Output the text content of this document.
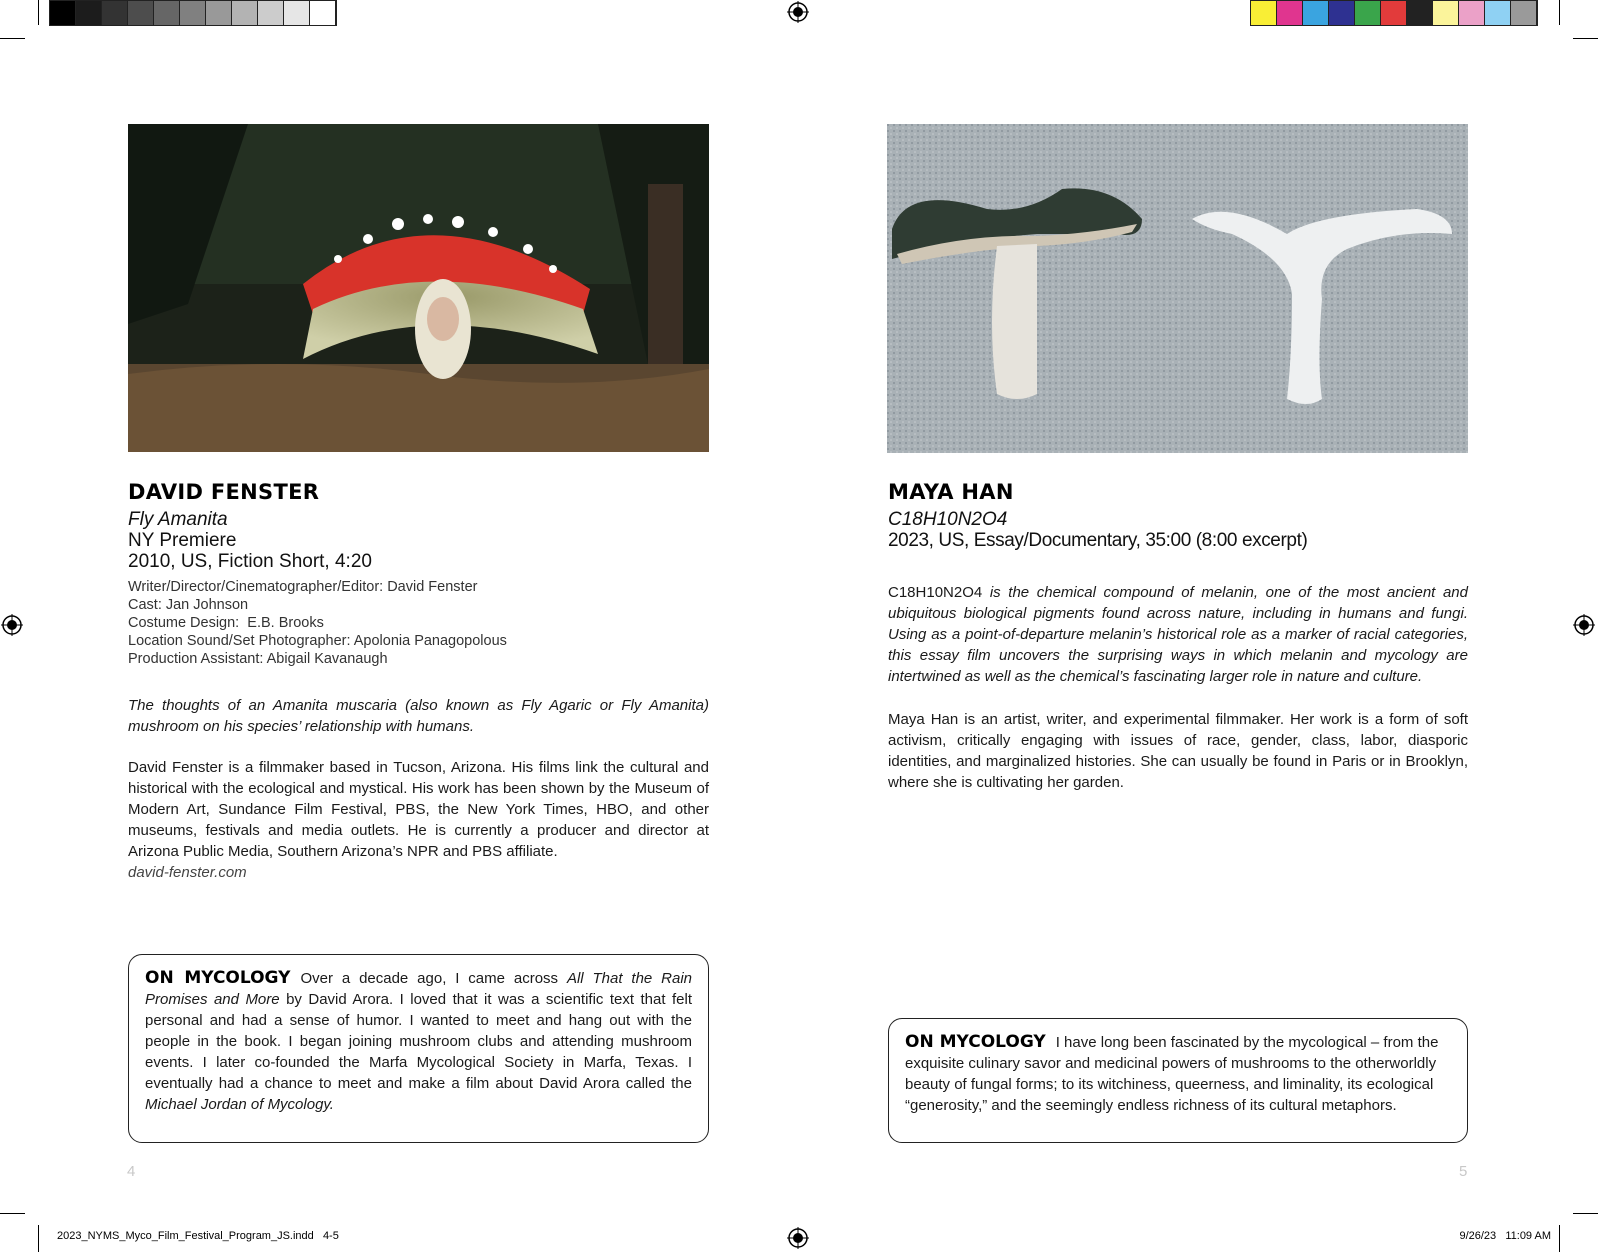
2023_NYMS_Myco_Film_Festival_Program_JS.indd   4-5	9/26/23   11:09 AM
DAVID FENSTER
Fly Amanita
NY Premiere
2010, US, Fiction Short, 4:20
Writer/Director/Cinematographer/Editor: David Fenster
Cast: Jan Johnson
Costume Design:  E.B. Brooks
Location Sound/Set Photographer: Apolonia Panagopolous
Production Assistant: Abigail Kavanaugh
The thoughts of an Amanita muscaria (also known as Fly Agaric or Fly Amanita) mushroom on his species’ relationship with humans.
David Fenster is a filmmaker based in Tucson, Arizona. His films link the cultural and historical with the ecological and mystical. His work has been shown by the Museum of Modern Art, Sundance Film Festival, PBS, the New York Times, HBO, and other museums, festivals and media outlets. He is currently a producer and director at Arizona Public Media, Southern Arizona’s NPR and PBS affiliate.
david-fenster.com
ON MYCOLOGY Over a decade ago, I came across All That the Rain Promises and More by David Arora. I loved that it was a scientific text that felt personal and had a sense of humor. I wanted to meet and hang out with the people in the book. I began joining mushroom clubs and attending mushroom events. I later co-founded the Marfa Mycological Society in Marfa, Texas. I eventually had a chance to meet and make a film about David Arora called the Michael Jordan of Mycology.
4
MAYA HAN
C18H10N2O4
2023, US, Essay/Documentary, 35:00 (8:00 excerpt)
C18H10N2O4 is the chemical compound of melanin, one of the most ancient and ubiquitous biological pigments found across nature, including in humans and fungi. Using as a point-of-departure melanin’s historical role as a marker of racial categories, this essay film uncovers the surprising ways in which melanin and mycology are intertwined as well as the chemical’s fascinating larger role in nature and culture.
Maya Han is an artist, writer, and experimental filmmaker. Her work is a form of soft activism, critically engaging with issues of race, gender, class, labor, diasporic identities, and marginalized histories. She can usually be found in Paris or in Brooklyn, where she is cultivating her garden.
ON MYCOLOGY I have long been fascinated by the mycological – from the exquisite culinary savor and medicinal powers of mushrooms to the otherworldly beauty of fungal forms; to its witchiness, queerness, and liminality, its ecological “generosity,” and the seemingly endless richness of its cultural metaphors.
5
